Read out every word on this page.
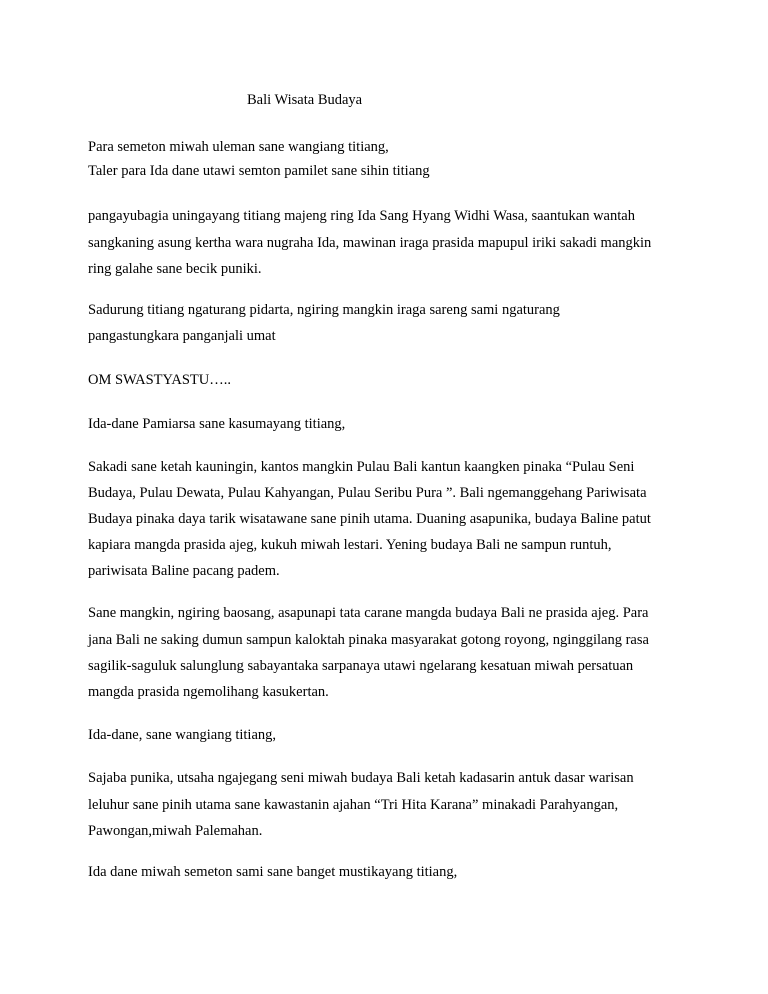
Bali Wisata Budaya
Para semeton miwah uleman sane wangiang titiang,
Taler para Ida dane utawi semton pamilet sane sihin titiang
pangayubagia uningayang titiang majeng ring Ida Sang Hyang Widhi Wasa, saantukan wantah
sangkaning asung kertha wara nugraha Ida, mawinan iraga prasida mapupul iriki sakadi mangkin
ring galahe sane becik puniki.
Sadurung titiang ngaturang pidarta, ngiring mangkin iraga sareng sami ngaturang
pangastungkara panganjali umat
OM SWASTYASTU…..
Ida-dane Pamiarsa sane kasumayang titiang,
Sakadi sane ketah kauningin, kantos mangkin Pulau Bali kantun kaangken pinaka “Pulau Seni
Budaya, Pulau Dewata, Pulau Kahyangan, Pulau Seribu Pura ”. Bali ngemanggehang Pariwisata
Budaya pinaka daya tarik wisatawane sane pinih utama. Duaning asapunika, budaya Baline patut
kapiara mangda prasida ajeg, kukuh miwah lestari. Yening budaya Bali ne sampun runtuh,
pariwisata Baline pacang padem.
Sane mangkin, ngiring baosang, asapunapi tata carane mangda budaya Bali ne prasida ajeg. Para
jana Bali ne saking dumun sampun kaloktah pinaka masyarakat gotong royong, nginggilang rasa
sagilik-saguluk salunglung sabayantaka sarpanaya utawi ngelarang kesatuan miwah persatuan
mangda prasida ngemolihang kasukertan.
Ida-dane, sane wangiang titiang,
Sajaba punika, utsaha ngajegang seni miwah budaya Bali ketah kadasarin antuk dasar warisan
leluhur sane pinih utama sane kawastanin ajahan “Tri Hita Karana” minakadi Parahyangan,
Pawongan,miwah Palemahan.
Ida dane miwah semeton sami sane banget mustikayang titiang,
